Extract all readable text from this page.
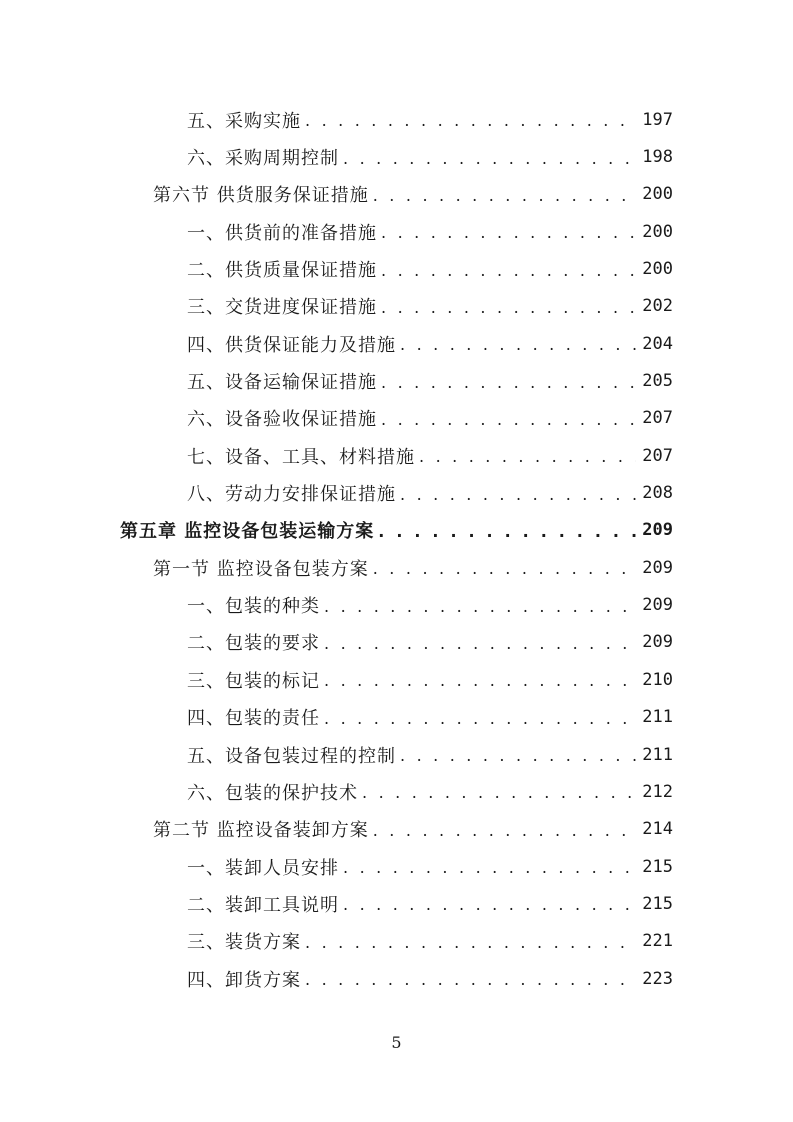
五、采购实施 . . .	197
六、采购周期控制 . . .	198
第六节 供货服务保证措施 . . .	200
一、供货前的准备措施 . . .	200
二、供货质量保证措施 . . .	200
三、交货进度保证措施 . . .	202
四、供货保证能力及措施 . . .	204
五、设备运输保证措施 . . .	205
六、设备验收保证措施 . . .	207
七、设备、工具、材料措施 . . .	207
八、劳动力安排保证措施 . . .	208
第五章 监控设备包装运输方案 . . .	209
第一节 监控设备包装方案 . . .	209
一、包装的种类 . . .	209
二、包装的要求 . . .	209
三、包装的标记 . . .	210
四、包装的责任 . . .	211
五、设备包装过程的控制 . . .	211
六、包装的保护技术 . . .	212
第二节 监控设备装卸方案 . . .	214
一、装卸人员安排 . . .	215
二、装卸工具说明 . . .	215
三、装货方案 . . .	221
四、卸货方案 . . .	223
5
